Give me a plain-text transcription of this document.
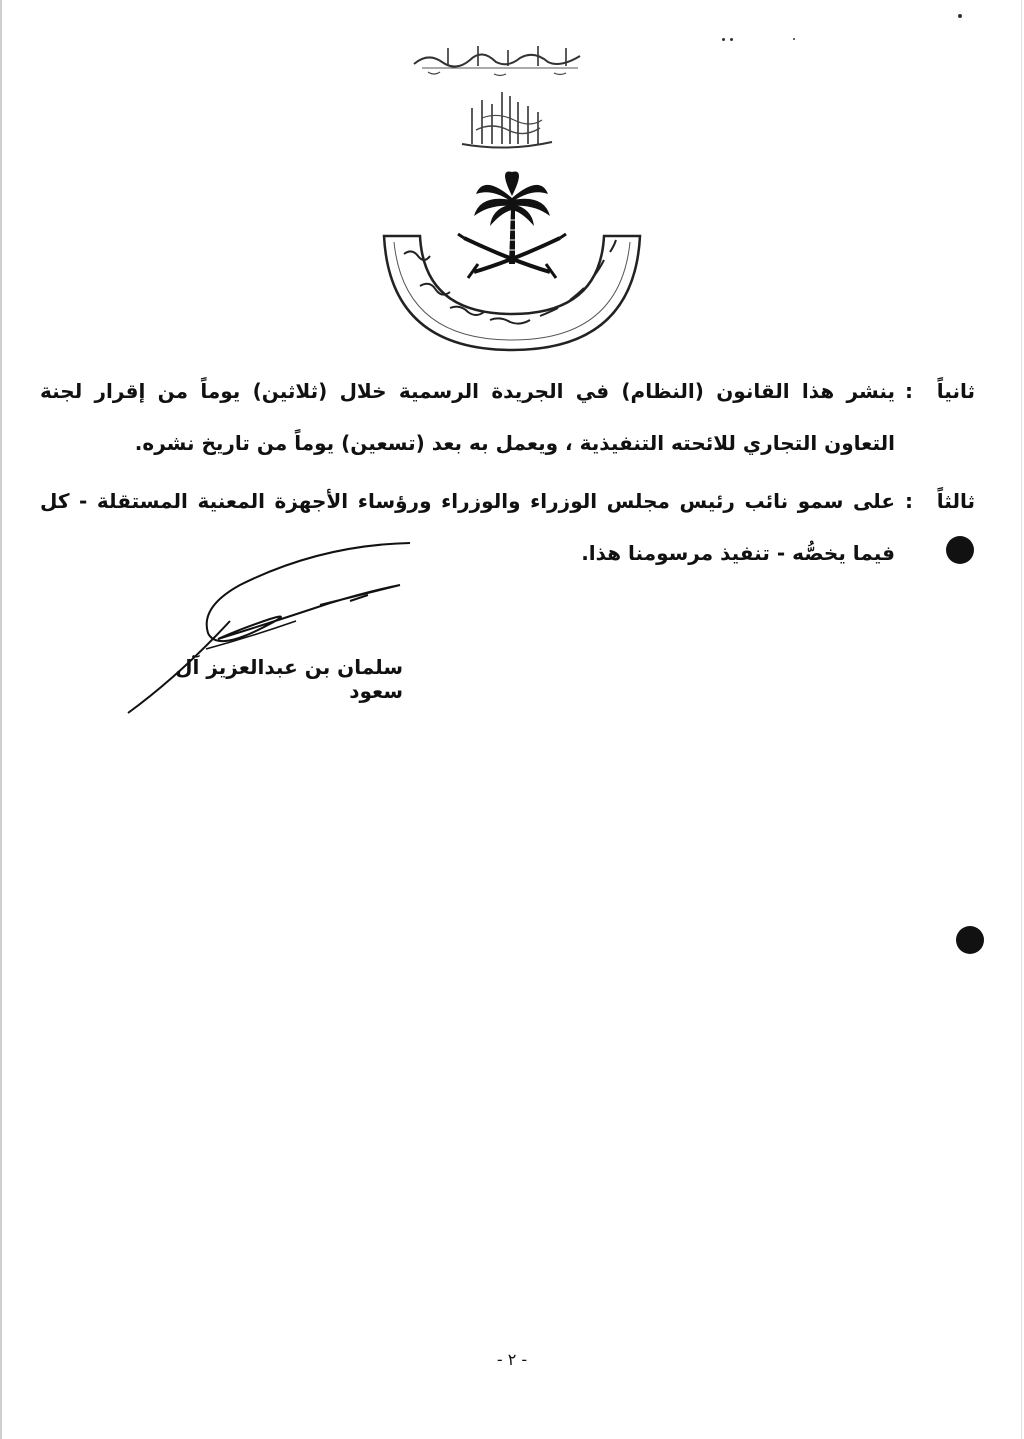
ثانياً
:
ينشر هذا القانون (النظام) في الجريدة الرسمية خلال (ثلاثين) يوماً من إقرار لجنة التعاون التجاري للائحته التنفيذية ، ويعمل به بعد (تسعين) يوماً من تاريخ نشره.
ثالثاً
:
على سمو نائب رئيس مجلس الوزراء والوزراء ورؤساء الأجهزة المعنية المستقلة - كل فيما يخصُّه - تنفيذ مرسومنا هذا.
سلمان بن عبدالعزيز آل سعود
- ٢ -
